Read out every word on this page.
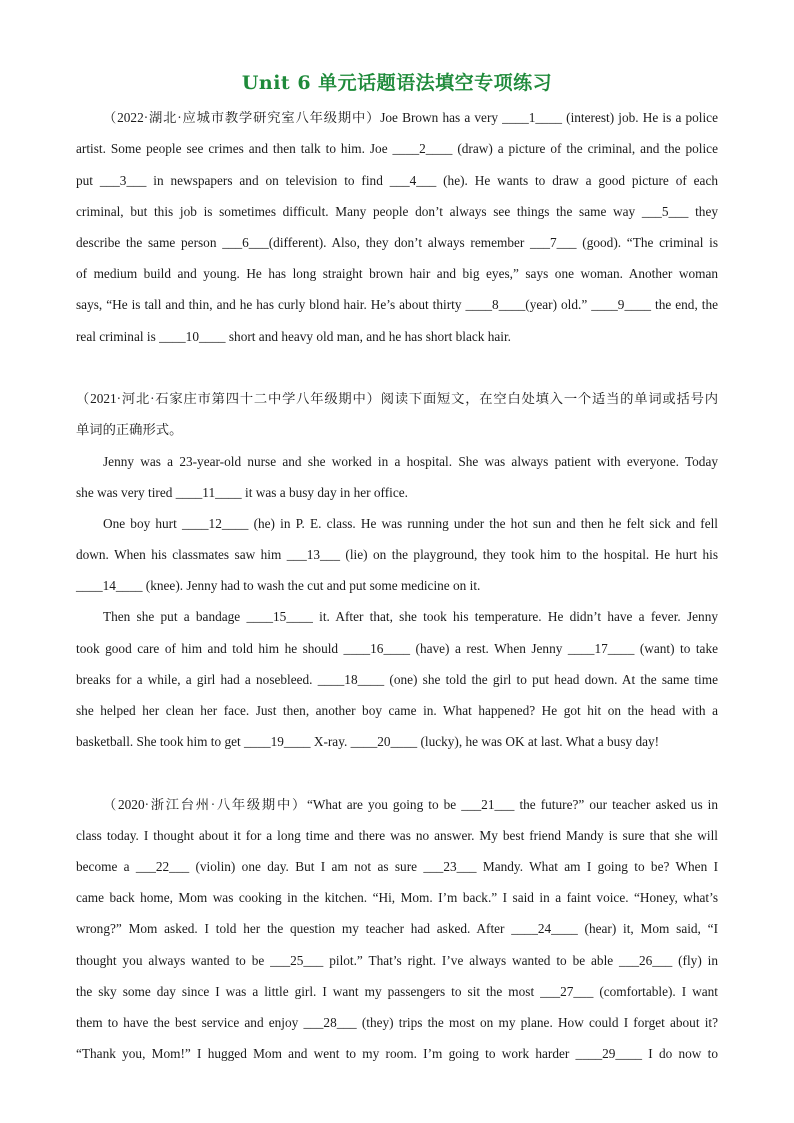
Unit 6 单元话题语法填空专项练习
（2022·湖北·应城市教学研究室八年级期中）Joe Brown has a very ____1____ (interest) job. He is a police
artist. Some people see crimes and then talk to him. Joe ____2____ (draw) a picture of the criminal, and the police
put ___3___ in newspapers and on television to find ___4___ (he). He wants to draw a good picture of each
criminal, but this job is sometimes difficult. Many people don’t always see things the same way ___5___ they
describe the same person ___6___(different). Also, they don’t always remember ___7___ (good). “The criminal is
of medium build and young. He has long straight brown hair and big eyes,” says one woman. Another woman
says, “He is tall and thin, and he has curly blond hair. He’s about thirty ____8____(year) old.” ____9____ the end, the
real criminal is ____10____ short and heavy old man, and he has short black hair.
（2021·河北·石家庄市第四十二中学八年级期中）阅读下面短文，在空白处填入一个适当的单词或括号内
单词的正确形式。
Jenny was a 23-year-old nurse and she worked in a hospital. She was always patient with everyone. Today
she was very tired ____11____ it was a busy day in her office.
One boy hurt ____12____ (he) in P. E. class. He was running under the hot sun and then he felt sick and fell
down. When his classmates saw him ___13___ (lie) on the playground, they took him to the hospital. He hurt his
____14____ (knee). Jenny had to wash the cut and put some medicine on it.
Then she put a bandage ____15____ it. After that, she took his temperature. He didn’t have a fever. Jenny
took good care of him and told him he should ____16____ (have) a rest. When Jenny ____17____ (want) to take
breaks for a while, a girl had a nosebleed. ____18____ (one) she told the girl to put head down. At the same time
she helped her clean her face. Just then, another boy came in. What happened? He got hit on the head with a
basketball. She took him to get ____19____ X-ray. ____20____ (lucky), he was OK at last. What a busy day!
（2020·浙江台州·八年级期中）“What are you going to be ___21___ the future?” our teacher asked us in
class today. I thought about it for a long time and there was no answer. My best friend Mandy is sure that she will
become a ___22___ (violin) one day. But I am not as sure ___23___ Mandy. What am I going to be? When I
came back home, Mom was cooking in the kitchen. “Hi, Mom. I’m back.” I said in a faint voice. “Honey, what’s
wrong?” Mom asked. I told her the question my teacher had asked. After ____24____ (hear) it, Mom said, “I
thought you always wanted to be ___25___ pilot.” That’s right. I’ve always wanted to be able ___26___ (fly) in
the sky some day since I was a little girl. I want my passengers to sit the most ___27___ (comfortable). I want
them to have the best service and enjoy ___28___ (they) trips the most on my plane. How could I forget about it?
“Thank you, Mom!” I hugged Mom and went to my room. I’m going to work harder ____29____ I do now to
